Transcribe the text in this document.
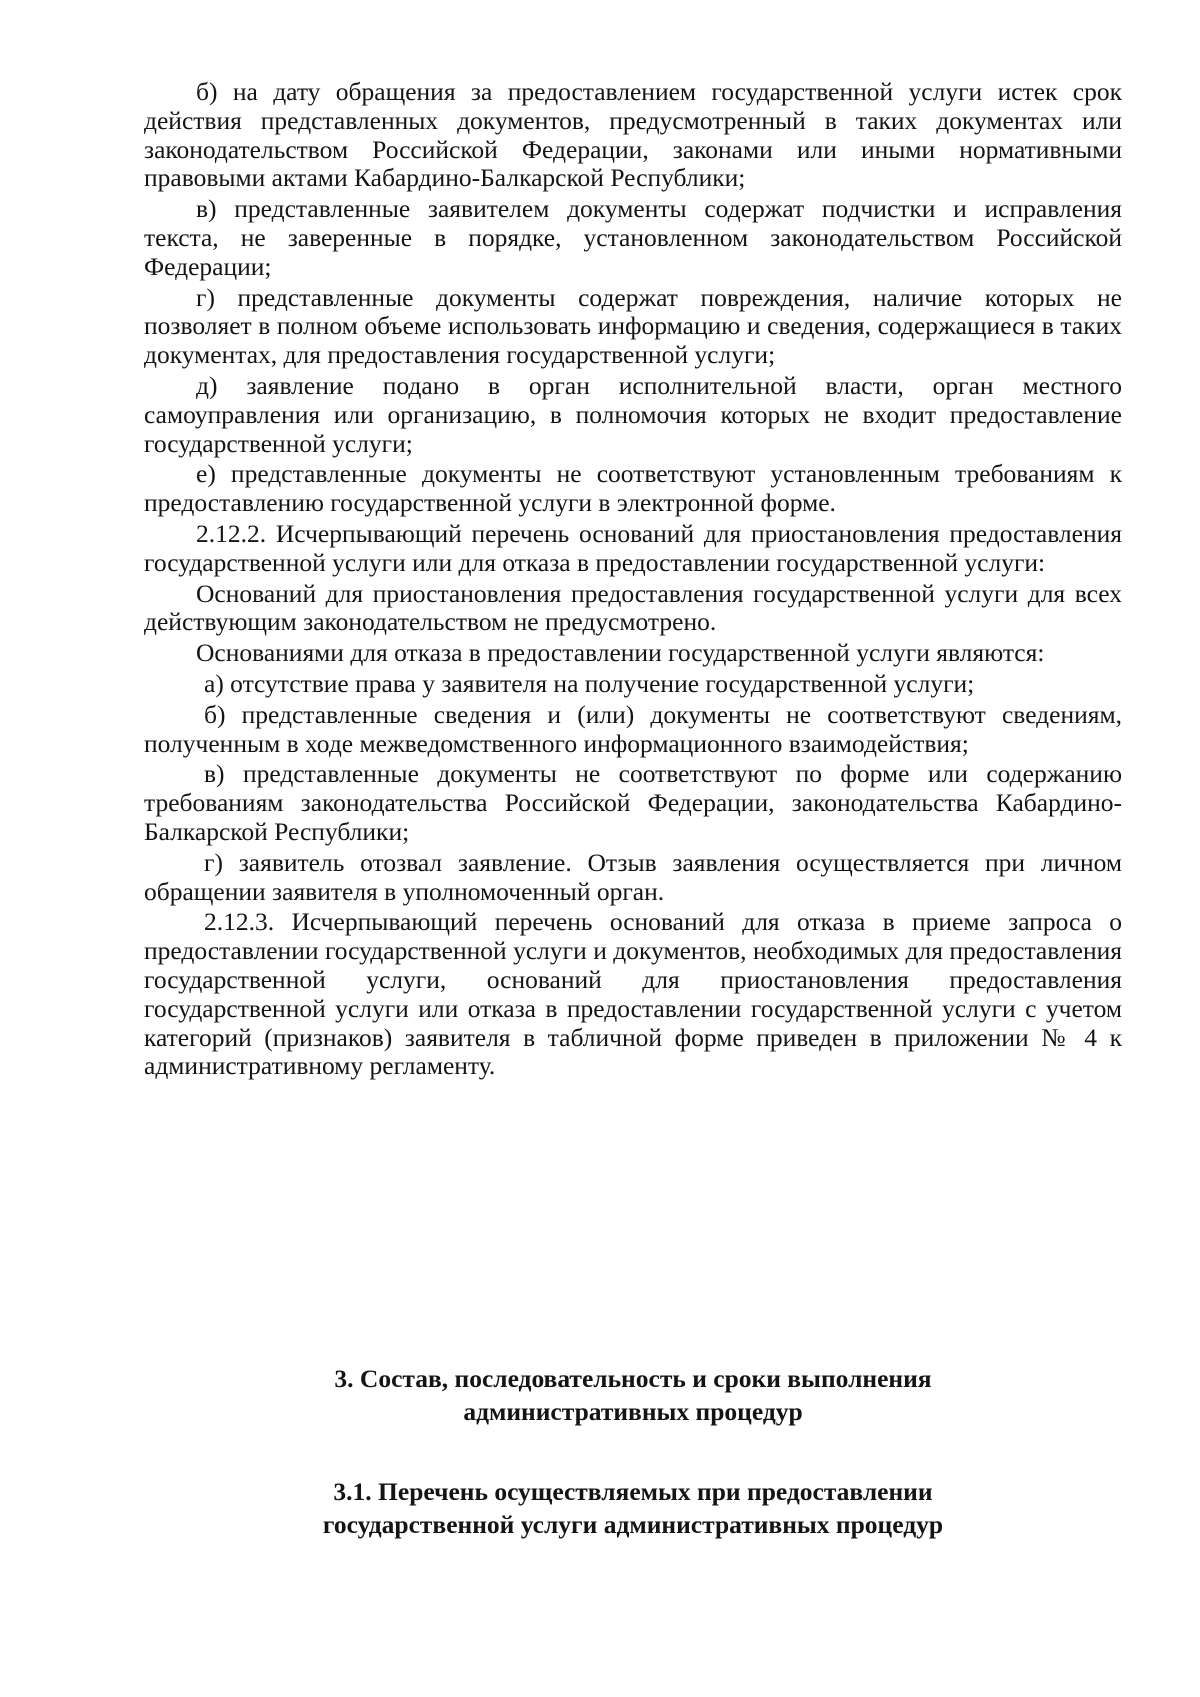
б) на дату обращения за предоставлением государственной услуги истек срок действия представленных документов, предусмотренный в таких документах или законодательством Российской Федерации, законами или иными нормативными правовыми актами Кабардино-Балкарской Республики;

в) представленные заявителем документы содержат подчистки и исправления текста, не заверенные в порядке, установленном законодательством Российской Федерации;

г) представленные документы содержат повреждения, наличие которых не позволяет в полном объеме использовать информацию и сведения, содержащиеся в таких документах, для предоставления государственной услуги;

д) заявление подано в орган исполнительной власти, орган местного самоуправления или организацию, в полномочия которых не входит предоставление государственной услуги;

е) представленные документы не соответствуют установленным требованиям к предоставлению государственной услуги в электронной форме.

2.12.2. Исчерпывающий перечень оснований для приостановления предоставления государственной услуги или для отказа в предоставлении государственной услуги:

Оснований для приостановления предоставления государственной услуги для всех действующим законодательством не предусмотрено.

Основаниями для отказа в предоставлении государственной услуги являются:

а) отсутствие права у заявителя на получение государственной услуги;

б) представленные сведения и (или) документы не соответствуют сведениям, полученным в ходе межведомственного информационного взаимодействия;

в) представленные документы не соответствуют по форме или содержанию требованиям законодательства Российской Федерации, законодательства Кабардино-Балкарской Республики;

г) заявитель отозвал заявление. Отзыв заявления осуществляется при личном обращении заявителя в уполномоченный орган.

2.12.3. Исчерпывающий перечень оснований для отказа в приеме запроса о предоставлении государственной услуги и документов, необходимых для предоставления государственной услуги, оснований для приостановления предоставления государственной услуги или отказа в предоставлении государственной услуги с учетом категорий (признаков) заявителя в табличной форме приведен в приложении № 4 к административному регламенту.

3. Состав, последовательность и сроки выполнения

административных процедур

3.1. Перечень осуществляемых при предоставлении

государственной услуги административных процедур
